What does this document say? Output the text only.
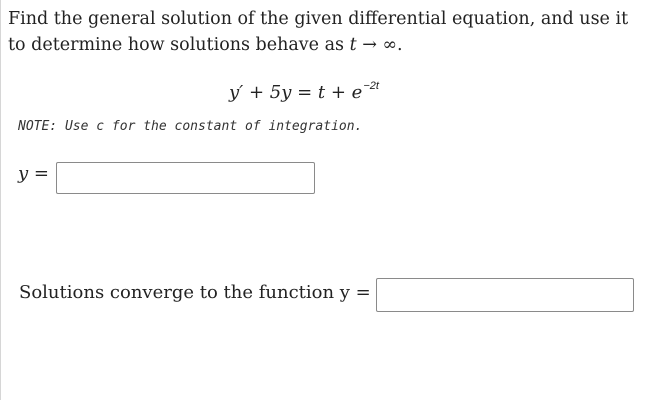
Find the general solution of the given differential equation, and use it
to determine how solutions behave as t → ∞.
$y' + 5y = t + e^{-2t}$
NOTE: Use c for the constant of integration.
y =
Solutions converge to the function y =
